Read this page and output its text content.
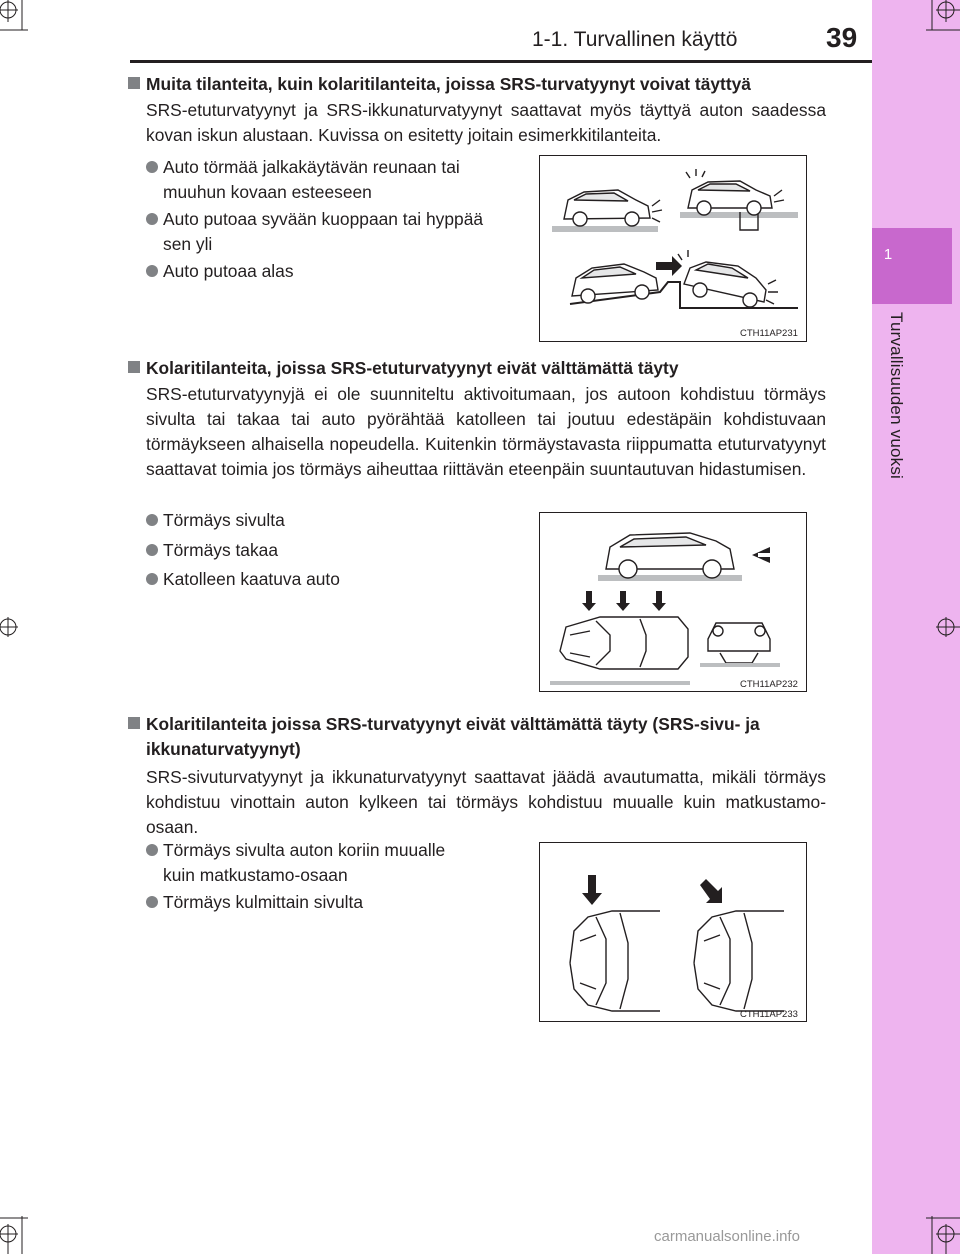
1-1. Turvallinen käyttö	39
1
Turvallisuuden vuoksi
Muita tilanteita, kuin kolaritilanteita, joissa SRS-turvatyynyt voivat täyttyä
SRS-etuturvatyynyt ja SRS-ikkunaturvatyynyt saattavat myös täyttyä auton saadessa kovan iskun alustaan. Kuvissa on esitetty joitain esimerkkitilanteita.
Auto törmää jalkakäytävän reunaan tai
muuhun kovaan esteeseen
Auto putoaa syvään kuoppaan tai hyppää
sen yli
Auto putoaa alas
CTH11AP231
Kolaritilanteita, joissa SRS-etuturvatyynyt eivät välttämättä täyty
SRS-etuturvatyynyjä ei ole suunniteltu aktivoitumaan, jos autoon kohdistuu törmäys sivulta tai takaa tai auto pyörähtää katolleen tai joutuu edestäpäin kohdistuvaan törmäykseen alhaisella nopeudella. Kuitenkin törmäystavasta riippumatta etuturvatyynyt saattavat toimia jos törmäys aiheuttaa riittävän eteenpäin suuntautuvan hidastumisen.
Törmäys sivulta
Törmäys takaa
Katolleen kaatuva auto
CTH11AP232
Kolaritilanteita joissa SRS-turvatyynyt eivät välttämättä täyty (SRS-sivu- ja
ikkunaturvatyynyt)
SRS-sivuturvatyynyt ja ikkunaturvatyynyt saattavat jäädä avautumatta, mikäli törmäys kohdistuu vinottain auton kylkeen tai törmäys kohdistuu muualle kuin matkustamo-osaan.
Törmäys sivulta auton koriin muualle
kuin matkustamo-osaan
Törmäys kulmittain sivulta
CTH11AP233
carmanualsonline.info
